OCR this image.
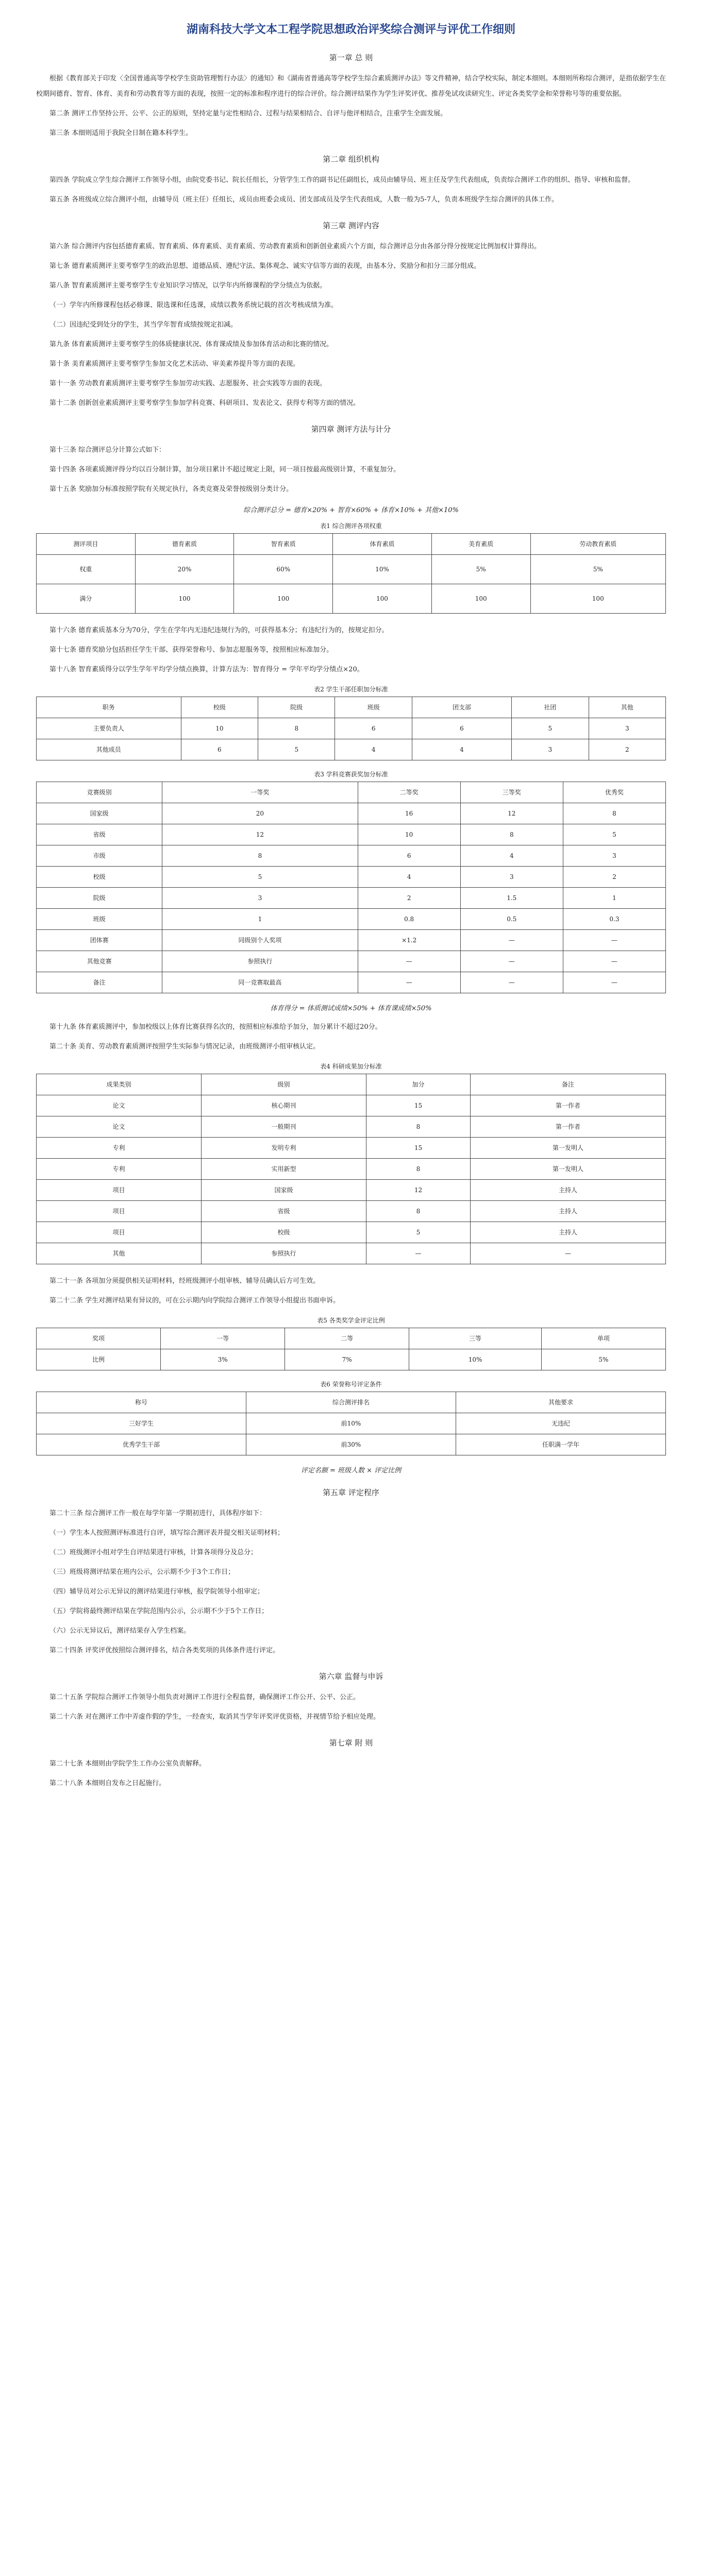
湖南科技大学文本工程学院思想政治评奖综合测评与评优工作细则
第一章 总 则

根据《教育部关于印发〈全国普通高等学校学生资助管理暂行办法〉的通知》和《湖南省普通高等学校学生综合素质测评办法》等文件精神，结合学校实际，制定本细则。本细则所称综合测评，是指依据学生在校期间德育、智育、体育、美育和劳动教育等方面的表现，按照一定的标准和程序进行的综合评价。综合测评结果作为学生评奖评优、推荐免试攻读研究生、评定各类奖学金和荣誉称号等的重要依据。

第二条 测评工作坚持公开、公平、公正的原则，坚持定量与定性相结合、过程与结果相结合、自评与他评相结合，注重学生全面发展。

第三条 本细则适用于我院全日制在籍本科学生。

第二章 组织机构

第四条 学院成立学生综合测评工作领导小组，由院党委书记、院长任组长，分管学生工作的副书记任副组长，成员由辅导员、班主任及学生代表组成，负责综合测评工作的组织、指导、审核和监督。

第五条 各班级成立综合测评小组，由辅导员（班主任）任组长，成员由班委会成员、团支部成员及学生代表组成，人数一般为5-7人，负责本班级学生综合测评的具体工作。

第三章 测评内容

第六条 综合测评内容包括德育素质、智育素质、体育素质、美育素质、劳动教育素质和创新创业素质六个方面，综合测评总分由各部分得分按规定比例加权计算得出。

第七条 德育素质测评主要考察学生的政治思想、道德品质、遵纪守法、集体观念、诚实守信等方面的表现，由基本分、奖励分和扣分三部分组成。

第八条 智育素质测评主要考察学生专业知识学习情况，以学年内所修课程的学分绩点为依据。

（一）学年内所修课程包括必修课、限选课和任选课，成绩以教务系统记载的首次考核成绩为准。

（二）因违纪受到处分的学生，其当学年智育成绩按规定扣减。

第九条 体育素质测评主要考察学生的体质健康状况、体育课成绩及参加体育活动和比赛的情况。

第十条 美育素质测评主要考察学生参加文化艺术活动、审美素养提升等方面的表现。

第十一条 劳动教育素质测评主要考察学生参加劳动实践、志愿服务、社会实践等方面的表现。

第十二条 创新创业素质测评主要考察学生参加学科竞赛、科研项目、发表论文、获得专利等方面的情况。

第四章 测评方法与计分

第十三条 综合测评总分计算公式如下：

第十四条 各项素质测评得分均以百分制计算，加分项目累计不超过规定上限，同一项目按最高级别计算，不重复加分。

第十五条 奖励加分标准按照学院有关规定执行，各类竞赛及荣誉按级别分类计分。

综合测评总分 = 德育×20% + 智育×60% + 体育×10% + 其他×10%
表1 综合测评各项权重
测评项目	德育素质	智育素质	体育素质	美育素质	劳动教育素质
权重	20%	60%	10%	5%	5%
满分	100	100	100	100	100

第十六条 德育素质基本分为70分，学生在学年内无违纪违规行为的，可获得基本分；有违纪行为的，按规定扣分。

第十七条 德育奖励分包括担任学生干部、获得荣誉称号、参加志愿服务等，按照相应标准加分。

第十八条 智育素质得分以学生学年平均学分绩点换算，计算方法为：智育得分 = 学年平均学分绩点×20。

表2 学生干部任职加分标准
职务	校级	院级	班级	团支部	社团	其他
主要负责人	10	8	6	6	5	3
其他成员	6	5	4	4	3	2
表3 学科竞赛获奖加分标准
竞赛级别	一等奖	二等奖	三等奖	优秀奖
国家级	20	16	12	8
省级	12	10	8	5
市级	8	6	4	3
校级	5	4	3	2
院级	3	2	1.5	1
班级	1	0.8	0.5	0.3
团体赛	同级别个人奖项	×1.2	—	—
其他竞赛	参照执行	—	—	—
备注	同一竞赛取最高	—	—	—
体育得分 = 体质测试成绩×50% + 体育课成绩×50%

第十九条 体育素质测评中，参加校级以上体育比赛获得名次的，按照相应标准给予加分，加分累计不超过20分。

第二十条 美育、劳动教育素质测评按照学生实际参与情况记录，由班级测评小组审核认定。

表4 科研成果加分标准
成果类别	级别	加分	备注
论文	核心期刊	15	第一作者
论文	一般期刊	8	第一作者
专利	发明专利	15	第一发明人
专利	实用新型	8	第一发明人
项目	国家级	12	主持人
项目	省级	8	主持人
项目	校级	5	主持人
其他	参照执行	—	—

第二十一条 各项加分须提供相关证明材料，经班级测评小组审核、辅导员确认后方可生效。

第二十二条 学生对测评结果有异议的，可在公示期内向学院综合测评工作领导小组提出书面申诉。

表5 各类奖学金评定比例
奖项	一等	二等	三等	单项
比例	3%	7%	10%	5%
表6 荣誉称号评定条件
称号	综合测评排名	其他要求
三好学生	前10%	无违纪
优秀学生干部	前30%	任职满一学年
评定名额 = 班级人数 × 评定比例
第五章 评定程序

第二十三条 综合测评工作一般在每学年第一学期初进行，具体程序如下：

（一）学生本人按照测评标准进行自评，填写综合测评表并提交相关证明材料；

（二）班级测评小组对学生自评结果进行审核，计算各项得分及总分；

（三）班级将测评结果在班内公示，公示期不少于3个工作日；

（四）辅导员对公示无异议的测评结果进行审核，报学院领导小组审定；

（五）学院将最终测评结果在学院范围内公示，公示期不少于5个工作日；

（六）公示无异议后，测评结果存入学生档案。

第二十四条 评奖评优按照综合测评排名，结合各类奖项的具体条件进行评定。

第六章 监督与申诉

第二十五条 学院综合测评工作领导小组负责对测评工作进行全程监督，确保测评工作公开、公平、公正。

第二十六条 对在测评工作中弄虚作假的学生，一经查实，取消其当学年评奖评优资格，并视情节给予相应处理。

第七章 附 则

第二十七条 本细则由学院学生工作办公室负责解释。

第二十八条 本细则自发布之日起施行。
